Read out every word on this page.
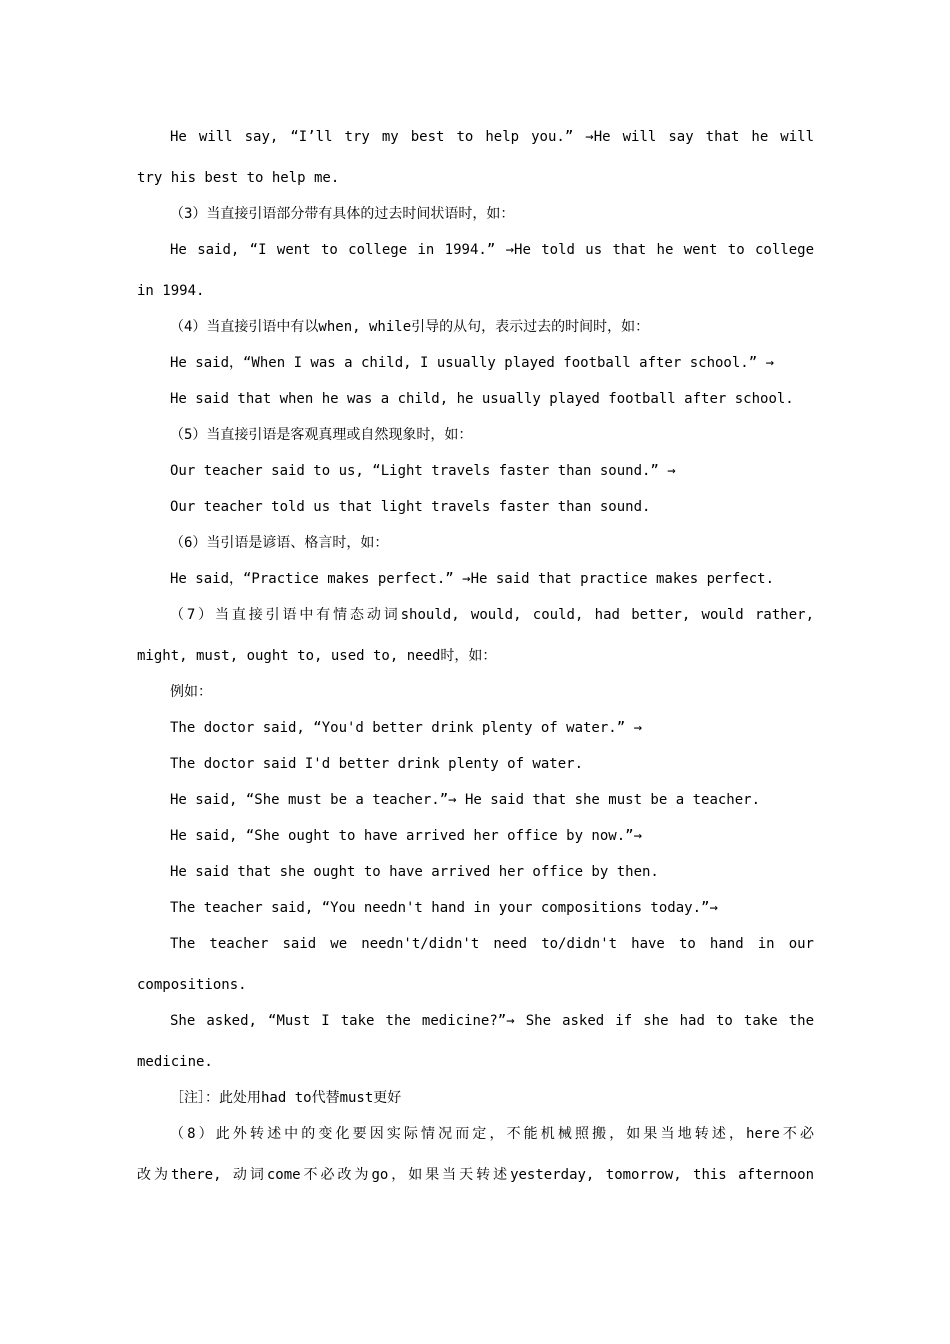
He will say, “I’ll try my best to help you.” →He will say that he will
try his best to help me.
（3）当直接引语部分带有具体的过去时间状语时，如：
He said, “I went to college in 1994.” →He told us that he went to college
in 1994.
（4）当直接引语中有以when, while引导的从句，表示过去的时间时，如：
He said，“When I was a child, I usually played football after school.” →
He said that when he was a child, he usually played football after school.
（5）当直接引语是客观真理或自然现象时，如：
Our teacher said to us, “Light travels faster than sound.” →
Our teacher told us that light travels faster than sound.
（6）当引语是谚语、格言时，如：
He said，“Practice makes perfect.” →He said that practice makes perfect.
（7）当直接引语中有情态动词should, would, could, had better, would rather,
might, must, ought to, used to, need时，如：
例如：
The doctor said, “You'd better drink plenty of water.” →
The doctor said I'd better drink plenty of water.
He said, “She must be a teacher.”→ He said that she must be a teacher.
He said, “She ought to have arrived her office by now.”→
He said that she ought to have arrived her office by then.
The teacher said, “You needn't hand in your compositions today.”→
The teacher said we needn't/didn't need to/didn't have to hand in our
compositions.
She asked, “Must I take the medicine?”→ She asked if she had to take the
medicine.
［注］：此处用had to代替must更好
（8）此外转述中的变化要因实际情况而定，不能机械照搬，如果当地转述，here不必
改为there, 动词come不必改为go，如果当天转述yesterday, tomorrow, this afternoon
